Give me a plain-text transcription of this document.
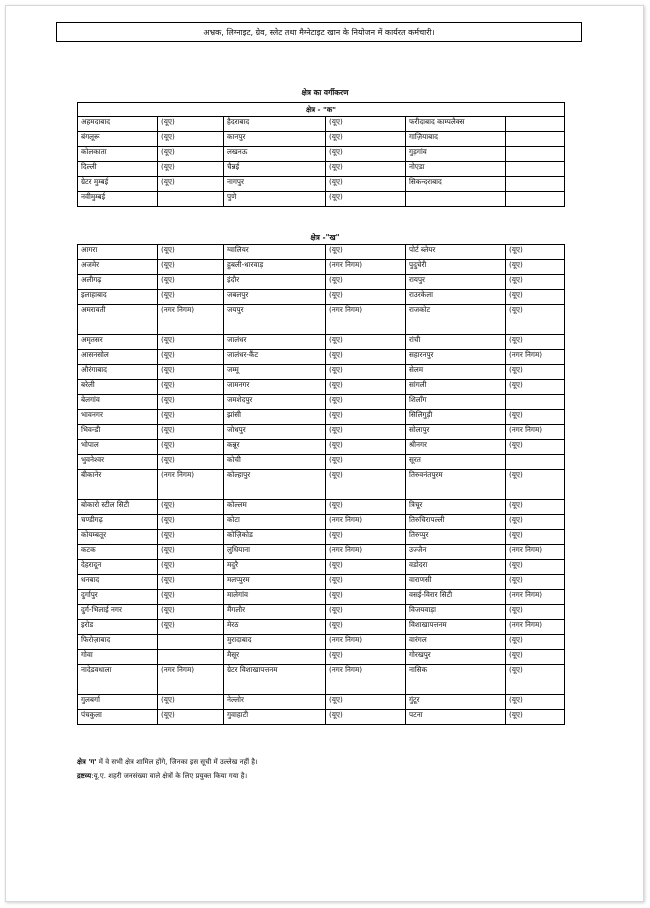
अभ्रक, लिग्नाइट, ग्रेव, स्लेट तथा मैग्नेटाइट खान के नियोजन में कार्यरत कर्मचारी।
क्षेत्र का वर्गीकरण
क्षेत्र - "क"					
अहमदाबाद	(यूए)	हैदराबाद	(यूए)	फरीदाबाद काम्पलैक्स	
बंगलूरू	(यूए)	कानपुर	(यूए)	गाज़ियाबाद	
कोलकाता	(यूए)	लखनऊ	(यूए)	गुड़गांव	
दिल्ली	(यूए)	चैन्नई	(यूए)	नोएडा	
ग्रेटर मुम्बई	(यूए)	नागपुर	(यूए)	सिकन्दराबाद	
नवीमुम्बई		पुणे	(यूए)		
क्षेत्र -"ख"
आगरा	(यूए)	ग्वालियर	(यूए)	पोर्ट ब्लेयर	(यूए)
अजमेर	(यूए)	हुबली-धारवाड़	(नगर निगम)	पुदुचेरी	(यूए)
अलीगढ़	(यूए)	इंदौर	(यूए)	रायपुर	(यूए)
इलाहाबाद	(यूए)	जबलपुर	(यूए)	राउरकेला	(यूए)
अमरावती	(नगर निगम)	जयपुर	(नगर निगम)	राजकोट	(यूए)
अमृतसर	(यूए)	जालंधर	(यूए)	रांची	(यूए)
आसनसोल	(यूए)	जालंधर-कैंट	(यूए)	सहारनपुर	(नगर निगम)
औरंगाबाद	(यूए)	जम्मू	(यूए)	सेलम	(यूए)
बरेली	(यूए)	जामनगर	(यूए)	सांगली	(यूए)
बेलगांव	(यूए)	जमशेदपुर	(यूए)	शिलॉंग	
भावनगर	(यूए)	झांसी	(यूए)	सिलिगुड़ी	(यूए)
भिवन्डी	(यूए)	जोधपुर	(यूए)	सोलापुर	(नगर निगम)
भोपाल	(यूए)	कन्नूर	(यूए)	श्रीनगर	(यूए)
भुवनेश्वर	(यूए)	कोची	(यूए)	सूरत	
बीकानेर	(नगर निगम)	कोल्हापुर	(यूए)	तिरुवनंतपुरम	(यूए)
बोकारो स्टील सिटी	(यूए)	कोल्लम	(यूए)	त्रिचूर	(यूए)
चण्डीगढ़	(यूए)	कोटा	(नगर निगम)	तिरुचिरापल्ली	(यूए)
कोयम्बतूर	(यूए)	कोज़िकोड	(यूए)	तिरुप्पुर	(यूए)
कटक	(यूए)	लुधियाना	(नगर निगम)	उज्जैन	(नगर निगम)
देहरादून	(यूए)	मदुरै	(यूए)	वडोदरा	(यूए)
धनबाद	(यूए)	मलप्पुरम	(यूए)	वाराणसी	(यूए)
दुर्गापुर	(यूए)	मालेगांव	(यूए)	वसई-विरार सिटी	(नगर निगम)
दुर्ग-भिलाई नगर	(यूए)	मैंगलौर	(यूए)	विजयवाड़ा	(यूए)
इरोड	(यूए)	मेरठ	(यूए)	विशाखापत्तनम	(नगर निगम)
फिरोज़ाबाद		मुरादाबाद	(नगर निगम)	वारंगल	(यूए)
गोवा		मैसूर	(यूए)	गोरखपुर	(यूए)
नादेडवधाला	(नगर निगम)	ग्रेटर विशाखापत्तनम	(नगर निगम)	नासिक	(यूए)
गुलबर्गा	(यूए)	नेल्लोर	(यूए)	गुंटूर	(यूए)
पंचकुला	(यूए)	गुवाहाटी	(यूए)	पटना	(यूए)
क्षेत्र 'ग' में वे सभी क्षेत्र शामिल होंगे, जिनका इस सूची में उल्लेख नहीं है।
द्रष्टव्य:यू.ए. शहरी जनसंख्या वाले क्षेत्रों के लिए प्रयुक्त किया गया है।
